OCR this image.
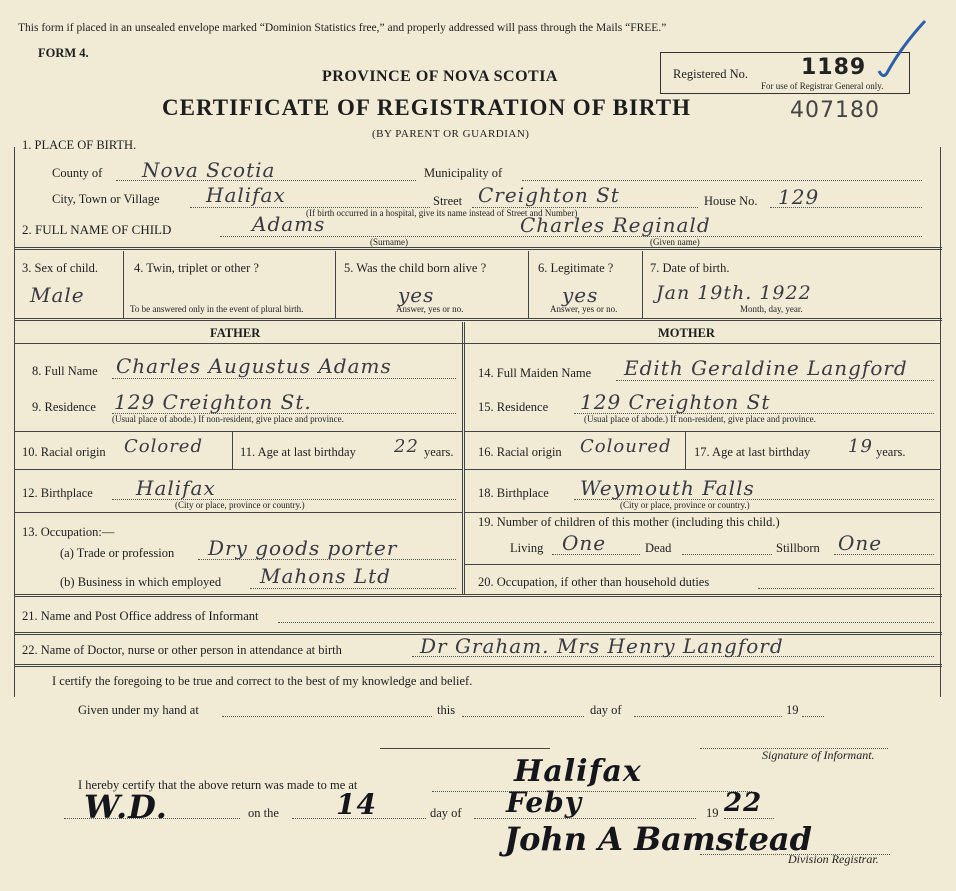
This form if placed in an unsealed envelope marked “Dominion Statistics free,” and properly addressed will pass through the Mails “FREE.”
FORM 4.
PROVINCE OF NOVA SCOTIA
CERTIFICATE OF REGISTRATION OF BIRTH
(BY PARENT OR GUARDIAN)
407180
Registered No. 1189
For use of Registrar General only.
1. PLACE OF BIRTH.
County of Nova Scotia	Municipality of
City, Town or Village Halifax	Street Creighton St	House No. 129
(If birth occurred in a hospital, give its name instead of Street and Number)
2. FULL NAME OF CHILD	Adams
(Surname)
Charles Reginald
(Given name)
3. Sex of child.
Male
4. Twin, triplet or other ?
To be answered only in the event of plural birth.
5. Was the child born alive ?
yes
Answer, yes or no.
6. Legitimate ?
yes
Answer, yes or no.
7. Date of birth.
Jan 19th. 1922
Month, day, year.
FATHER	MOTHER
8. Full Name Charles Augustus Adams
9. Residence 129 Creighton St.
(Usual place of abode.) If non-resident, give place and province.
10. Racial origin Colored	11. Age at last birthday 22 years.
12. Birthplace Halifax
(City or place, province or country.)
13. Occupation:—
(a) Trade or profession Dry goods porter
(b) Business in which employed Mahons Ltd
14. Full Maiden Name Edith Geraldine Langford
15. Residence 129 Creighton St
(Usual place of abode.) If non-resident, give place and province.
16. Racial origin Coloured 17. Age at last birthday 19 years.
18. Birthplace Weymouth Falls
(City or place, province or country.)
19. Number of children of this mother (including this child.)
Living One	Dead	Stillborn One
20. Occupation, if other than household duties
21. Name and Post Office address of Informant
22. Name of Doctor, nurse or other person in attendance at birth	Dr Graham. Mrs Henry Langford
I certify the foregoing to be true and correct to the best of my knowledge and belief.
Given under my hand at	this	day of	19
Signature of Informant.
I hereby certify that the above return was made to me at	Halifax
W.D.	on the 14	day of Feby	19 22
John A Bamstead
Division Registrar.
